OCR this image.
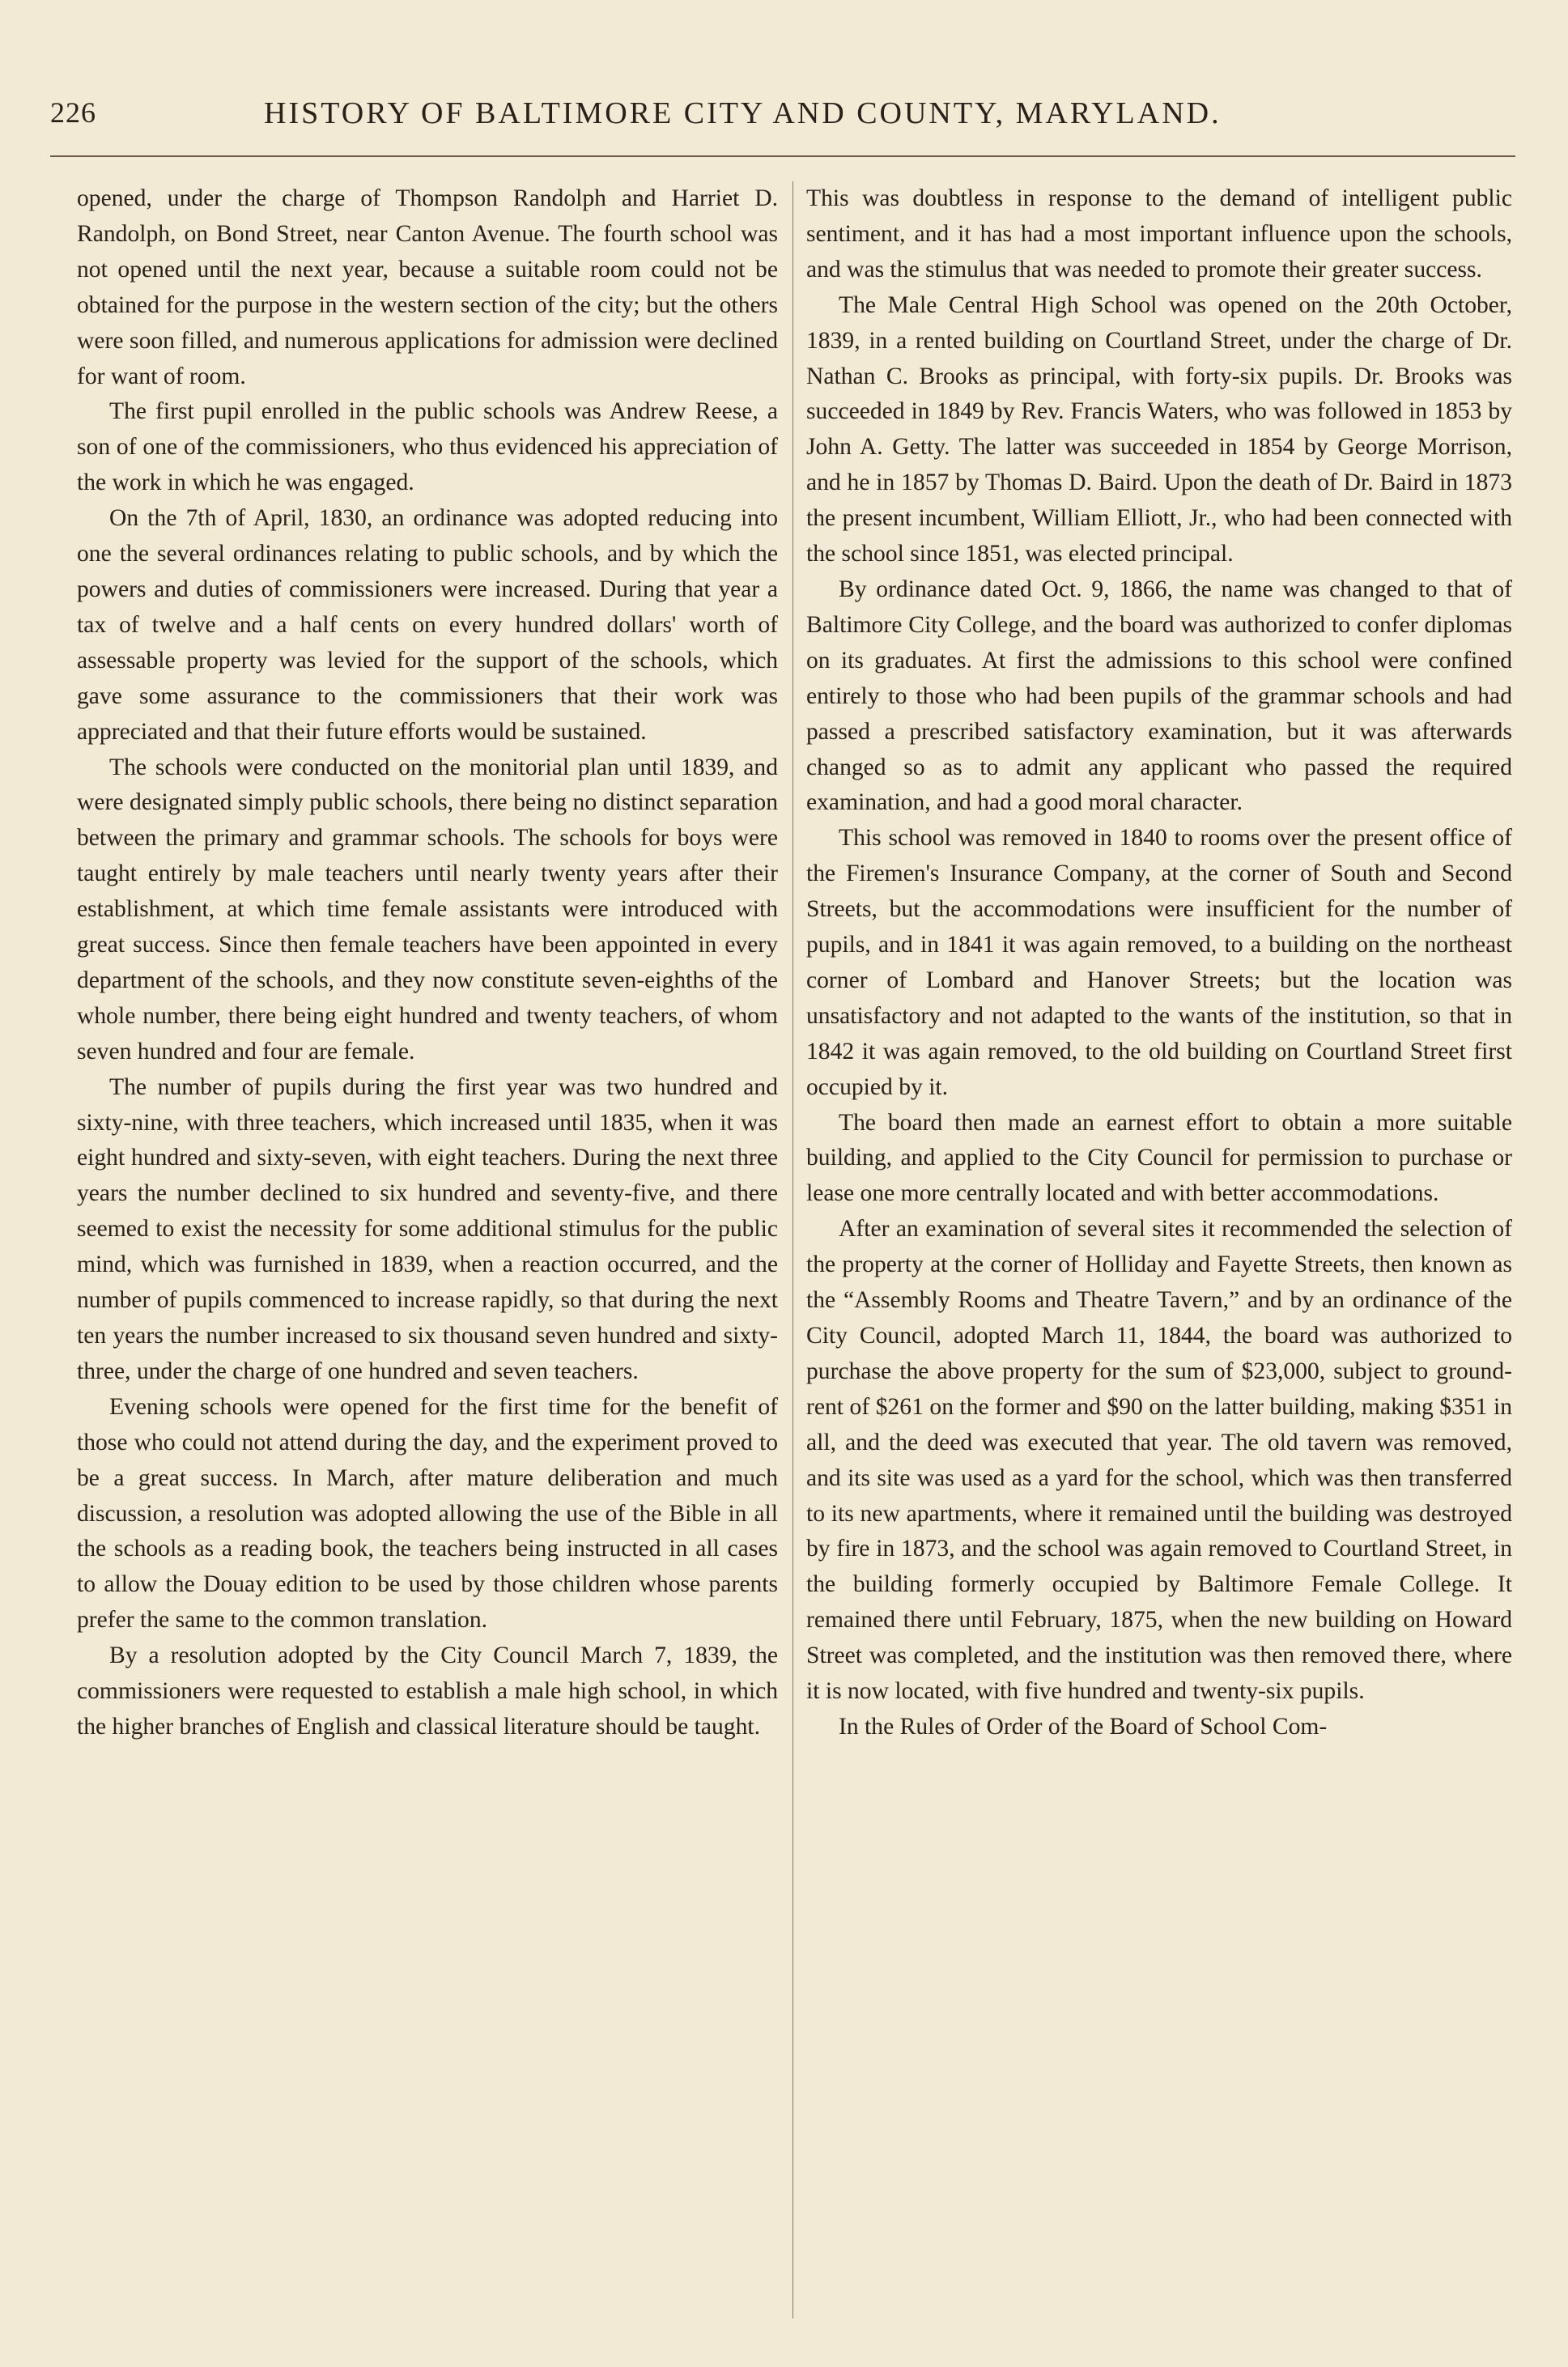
226	HISTORY OF BALTIMORE CITY AND COUNTY, MARYLAND.

opened, under the charge of Thompson Randolph and Harriet D. Randolph, on Bond Street, near Canton Avenue. The fourth school was not opened until the next year, because a suitable room could not be obtained for the purpose in the western section of the city; but the others were soon filled, and numerous applications for admission were declined for want of room.

The first pupil enrolled in the public schools was Andrew Reese, a son of one of the commissioners, who thus evidenced his appreciation of the work in which he was engaged.

On the 7th of April, 1830, an ordinance was adopted reducing into one the several ordinances relating to public schools, and by which the powers and duties of commissioners were increased. During that year a tax of twelve and a half cents on every hundred dollars' worth of assessable property was levied for the support of the schools, which gave some assurance to the commissioners that their work was appreciated and that their future efforts would be sustained.

The schools were conducted on the monitorial plan until 1839, and were designated simply public schools, there being no distinct separation between the primary and grammar schools. The schools for boys were taught entirely by male teachers until nearly twenty years after their establishment, at which time female assistants were introduced with great success. Since then female teachers have been appointed in every department of the schools, and they now constitute seven-eighths of the whole number, there being eight hundred and twenty teachers, of whom seven hundred and four are female.

The number of pupils during the first year was two hundred and sixty-nine, with three teachers, which increased until 1835, when it was eight hundred and sixty-seven, with eight teachers. During the next three years the number declined to six hundred and seventy-five, and there seemed to exist the necessity for some additional stimulus for the public mind, which was furnished in 1839, when a reaction occurred, and the number of pupils commenced to increase rapidly, so that during the next ten years the number increased to six thousand seven hundred and sixty-three, under the charge of one hundred and seven teachers.

Evening schools were opened for the first time for the benefit of those who could not attend during the day, and the experiment proved to be a great success. In March, after mature deliberation and much discussion, a resolution was adopted allowing the use of the Bible in all the schools as a reading book, the teachers being instructed in all cases to allow the Douay edition to be used by those children whose parents prefer the same to the common translation.

By a resolution adopted by the City Council March 7, 1839, the commissioners were requested to establish a male high school, in which the higher branches of English and classical literature should be taught.

This was doubtless in response to the demand of intelligent public sentiment, and it has had a most important influence upon the schools, and was the stimulus that was needed to promote their greater success.

The Male Central High School was opened on the 20th October, 1839, in a rented building on Courtland Street, under the charge of Dr. Nathan C. Brooks as principal, with forty-six pupils. Dr. Brooks was succeeded in 1849 by Rev. Francis Waters, who was followed in 1853 by John A. Getty. The latter was succeeded in 1854 by George Morrison, and he in 1857 by Thomas D. Baird. Upon the death of Dr. Baird in 1873 the present incumbent, William Elliott, Jr., who had been connected with the school since 1851, was elected principal.

By ordinance dated Oct. 9, 1866, the name was changed to that of Baltimore City College, and the board was authorized to confer diplomas on its graduates. At first the admissions to this school were confined entirely to those who had been pupils of the grammar schools and had passed a prescribed satisfactory examination, but it was afterwards changed so as to admit any applicant who passed the required examination, and had a good moral character.

This school was removed in 1840 to rooms over the present office of the Firemen's Insurance Company, at the corner of South and Second Streets, but the accommodations were insufficient for the number of pupils, and in 1841 it was again removed, to a building on the northeast corner of Lombard and Hanover Streets; but the location was unsatisfactory and not adapted to the wants of the institution, so that in 1842 it was again removed, to the old building on Courtland Street first occupied by it.

The board then made an earnest effort to obtain a more suitable building, and applied to the City Council for permission to purchase or lease one more centrally located and with better accommodations.

After an examination of several sites it recommended the selection of the property at the corner of Holliday and Fayette Streets, then known as the “Assembly Rooms and Theatre Tavern,” and by an ordinance of the City Council, adopted March 11, 1844, the board was authorized to purchase the above property for the sum of $23,000, subject to ground-rent of $261 on the former and $90 on the latter building, making $351 in all, and the deed was executed that year. The old tavern was removed, and its site was used as a yard for the school, which was then transferred to its new apartments, where it remained until the building was destroyed by fire in 1873, and the school was again removed to Courtland Street, in the building formerly occupied by Baltimore Female College. It remained there until February, 1875, when the new building on Howard Street was completed, and the institution was then removed there, where it is now located, with five hundred and twenty-six pupils.

In the Rules of Order of the Board of School Com-
